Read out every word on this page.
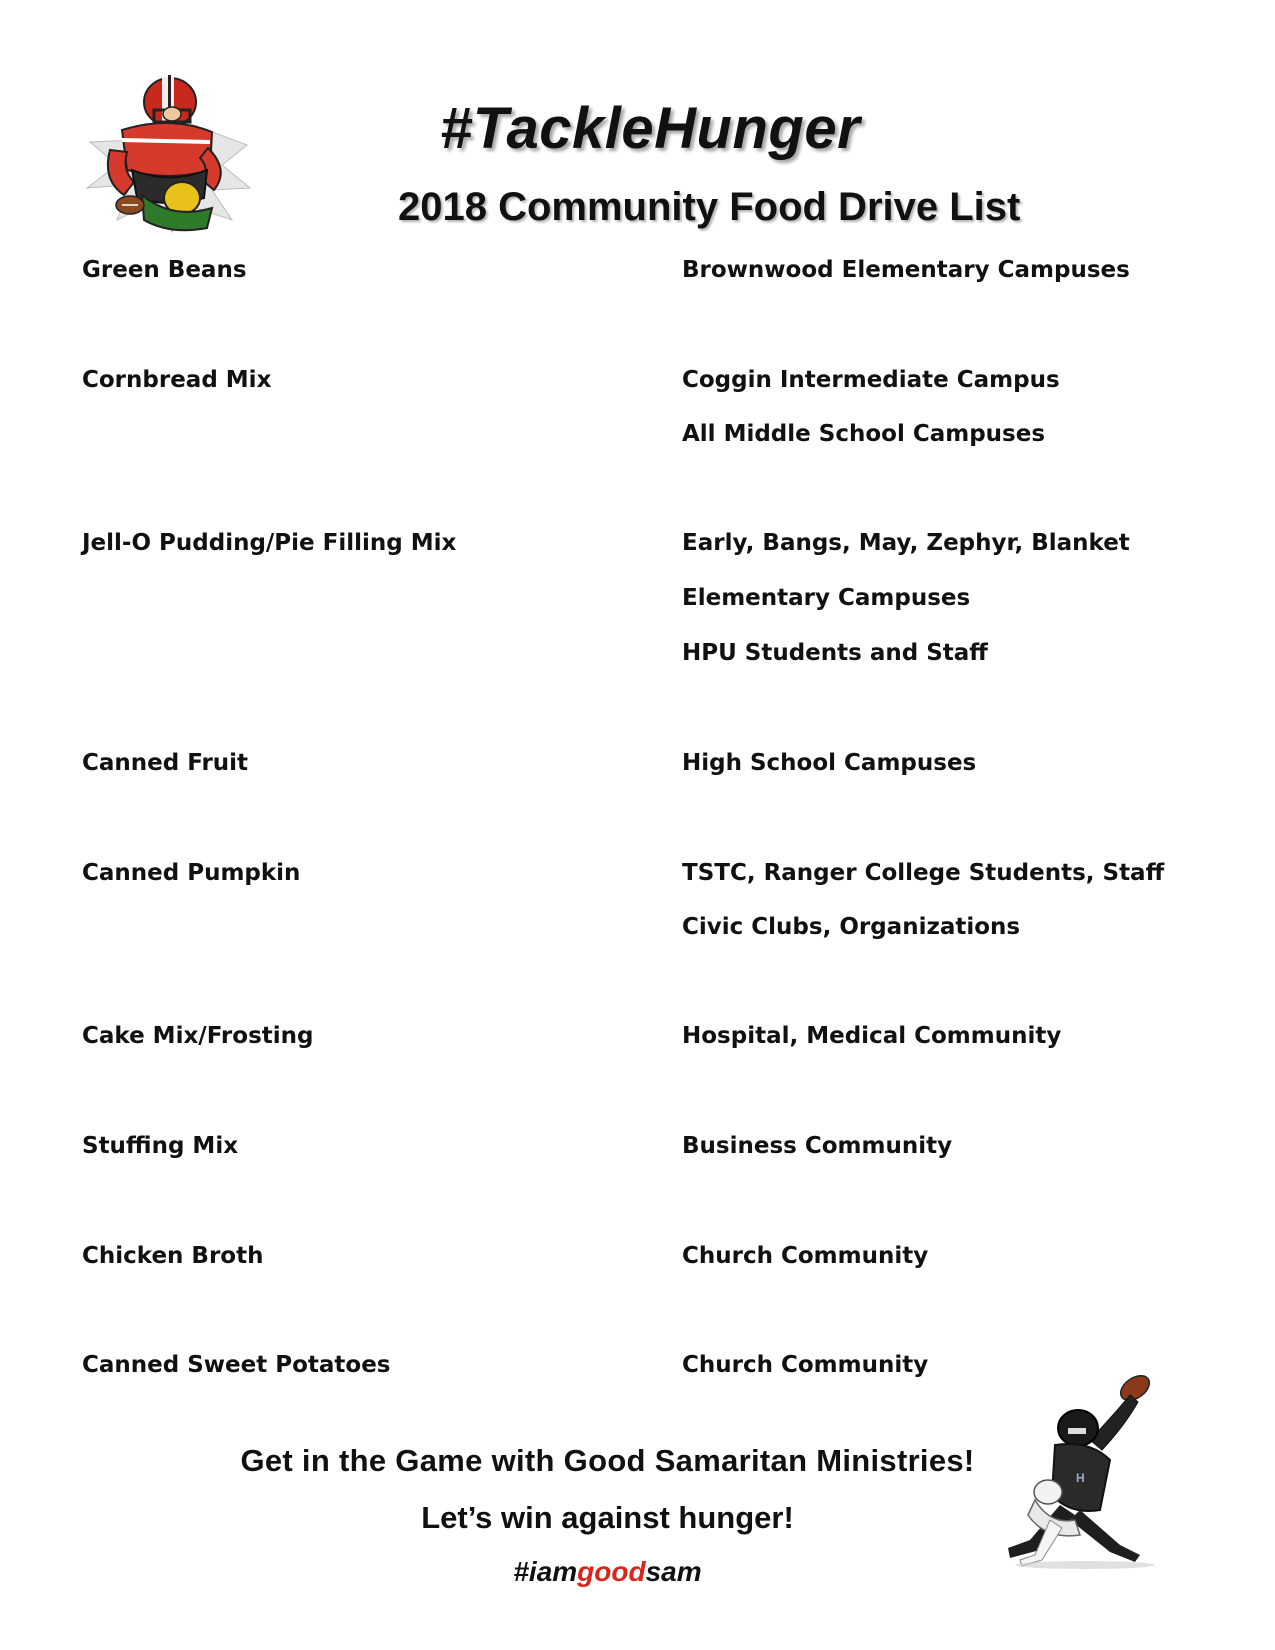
#TackleHunger
2018 Community Food Drive List
Green Beans
Cornbread Mix
Jell-O Pudding/Pie Filling Mix
Canned Fruit
Canned Pumpkin
Cake Mix/Frosting
Stuffing Mix
Chicken Broth
Canned Sweet Potatoes
Brownwood Elementary Campuses
Coggin Intermediate Campus
All Middle School Campuses
Early, Bangs, May, Zephyr, Blanket
Elementary Campuses
HPU Students and Staff
High School Campuses
TSTC, Ranger College Students, Staff
Civic Clubs, Organizations
Hospital, Medical Community
Business Community
Church Community
Church Community
H
Get in the Game with Good Samaritan Ministries!
Let’s win against hunger!
#iamgoodsam
